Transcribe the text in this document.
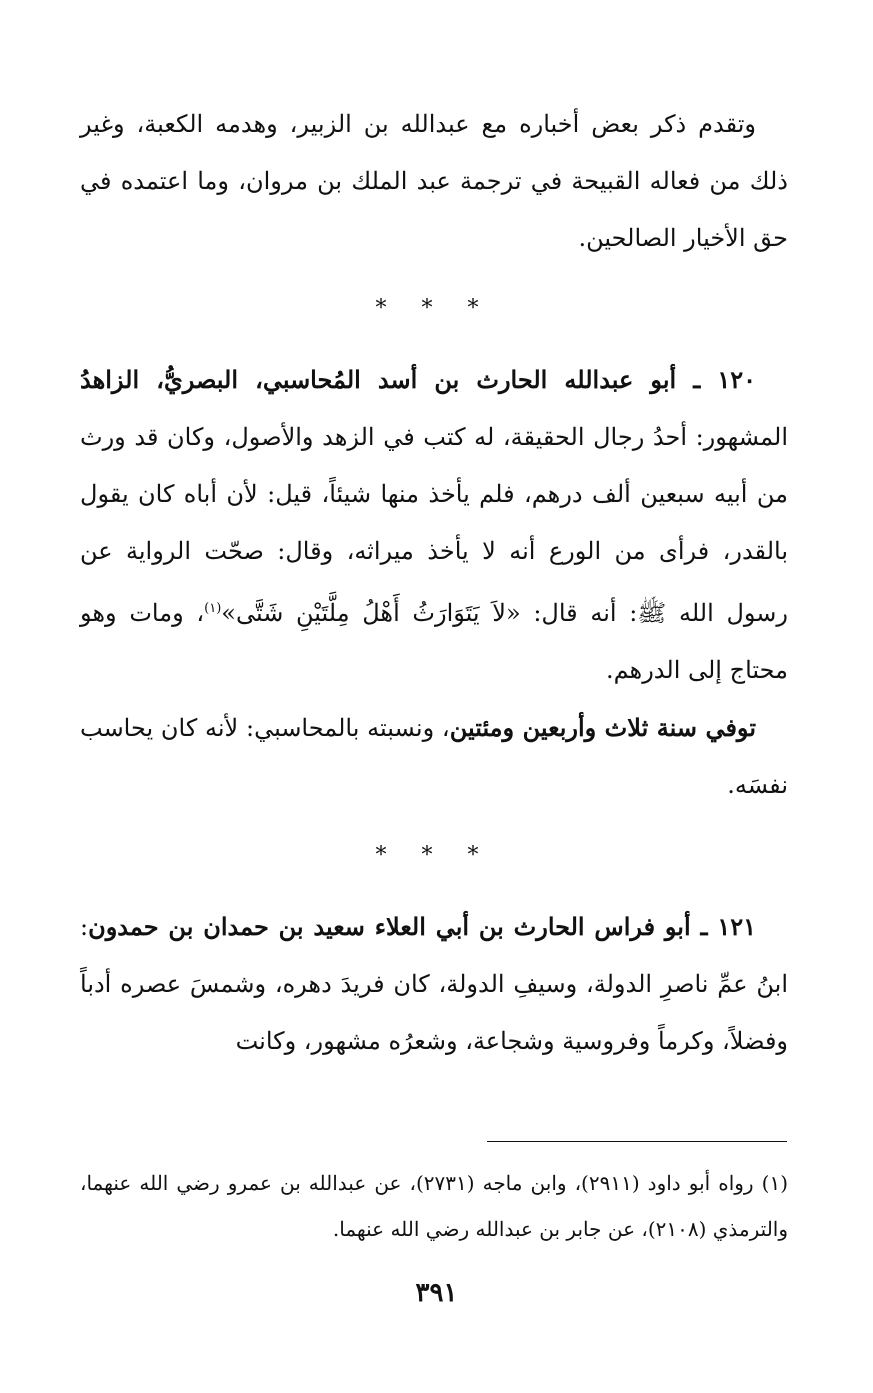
وتقدم ذكر بعض أخباره مع عبدالله بن الزبير، وهدمه الكعبة، وغير ذلك من فعاله القبيحة في ترجمة عبد الملك بن مروان، وما اعتمده في حق الأخيار الصالحين.

* * *

١٢٠ ـ أبو عبدالله الحارث بن أسد المُحاسبي، البصريُّ، الزاهدُ المشهور: أحدُ رجال الحقيقة، له كتب في الزهد والأصول، وكان قد ورث من أبيه سبعين ألف درهم، فلم يأخذ منها شيئاً، قيل: لأن أباه كان يقول بالقدر، فرأى من الورع أنه لا يأخذ ميراثه، وقال: صحّت الرواية عن رسول الله ﷺ: أنه قال: «لاَ يَتَوَارَثُ أَهْلُ مِلَّتَيْنِ شَتَّى»$^{(١)}$، ومات وهو محتاج إلى الدرهم.

توفي سنة ثلاث وأربعين ومئتين، ونسبته بالمحاسبي: لأنه كان يحاسب نفسَه.

* * *

١٢١ ـ أبو فراس الحارث بن أبي العلاء سعيد بن حمدان بن حمدون: ابنُ عمِّ ناصرِ الدولة، وسيفِ الدولة، كان فريدَ دهره، وشمسَ عصره أدباً وفضلاً، وكرماً وفروسية وشجاعة، وشعرُه مشهور، وكانت

(١) رواه أبو داود (٢٩١١)، وابن ماجه (٢٧٣١)، عن عبدالله بن عمرو رضي الله عنهما، والترمذي (٢١٠٨)، عن جابر بن عبدالله رضي الله عنهما.

٣٩١
